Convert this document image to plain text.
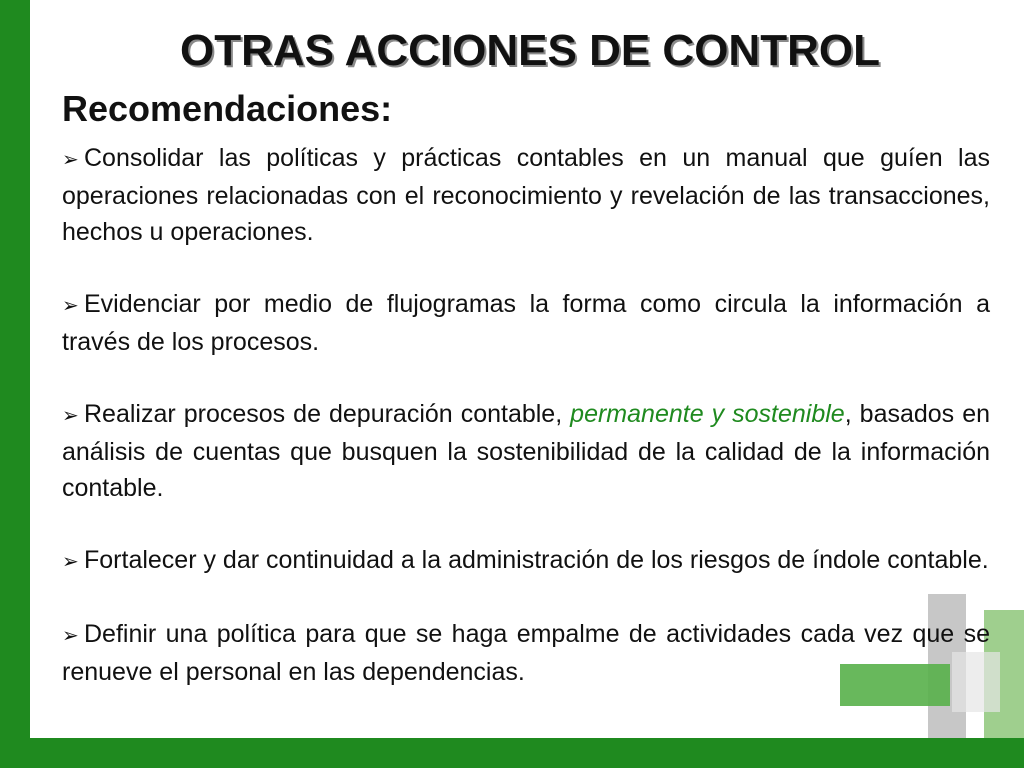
OTRAS ACCIONES DE CONTROL
Recomendaciones:

➢ Consolidar las políticas y prácticas contables en un manual que guíen las operaciones relacionadas con el reconocimiento y revelación de las transacciones, hechos u operaciones.

➢ Evidenciar por medio de flujogramas la forma como circula la información a través de los procesos.

➢ Realizar procesos de depuración contable, permanente y sostenible, basados en análisis de cuentas que busquen la sostenibilidad de la calidad de la información contable.

➢ Fortalecer y dar continuidad a la administración de los riesgos de índole contable.

➢ Definir una política para que se haga empalme de actividades cada vez que se renueve el personal en las dependencias.
